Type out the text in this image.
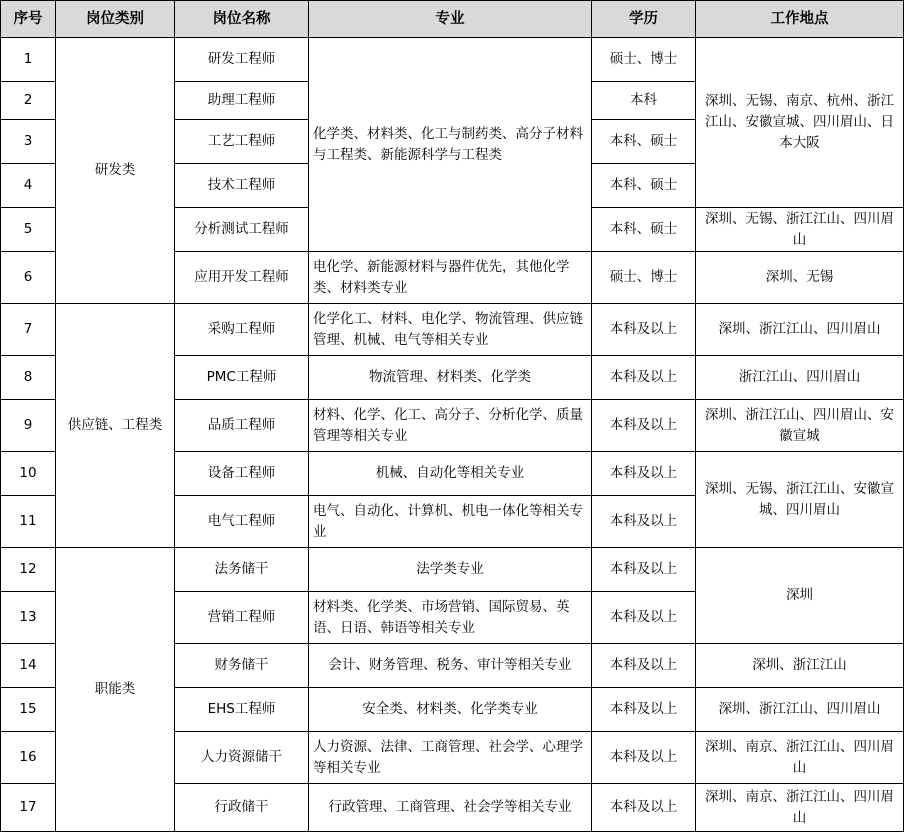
序号	岗位类别	岗位名称	专业	学历	工作地点
1	研发类	研发工程师	化学类、材料类、化工与制药类、高分子材料与工程类、新能源科学与工程类	硕士、博士	深圳、无锡、南京、杭州、浙江江山、安徽宣城、四川眉山、日本大阪
2		助理工程师		本科	
3		工艺工程师		本科、硕士	
4		技术工程师		本科、硕士	
5		分析测试工程师		本科、硕士	深圳、无锡、浙江江山、四川眉山
6		应用开发工程师	电化学、新能源材料与器件优先，其他化学类、材料类专业	硕士、博士	深圳、无锡
7	供应链、工程类	采购工程师	化学化工、材料、电化学、物流管理、供应链管理、机械、电气等相关专业	本科及以上	深圳、浙江江山、四川眉山
8		PMC工程师	物流管理、材料类、化学类	本科及以上	浙江江山、四川眉山
9		品质工程师	材料、化学、化工、高分子、分析化学、质量管理等相关专业	本科及以上	深圳、浙江江山、四川眉山、安徽宣城
10		设备工程师	机械、自动化等相关专业	本科及以上	深圳、无锡、浙江江山、安徽宣城、四川眉山
11		电气工程师	电气、自动化、计算机、机电一体化等相关专业	本科及以上	
12	职能类	法务储干	法学类专业	本科及以上	深圳
13		营销工程师	材料类、化学类、市场营销、国际贸易、英语、日语、韩语等相关专业	本科及以上	
14		财务储干	会计、财务管理、税务、审计等相关专业	本科及以上	深圳、浙江江山
15		EHS工程师	安全类、材料类、化学类专业	本科及以上	深圳、浙江江山、四川眉山
16		人力资源储干	人力资源、法律、工商管理、社会学、心理学等相关专业	本科及以上	深圳、南京、浙江江山、四川眉山
17		行政储干	行政管理、工商管理、社会学等相关专业	本科及以上	深圳、南京、浙江江山、四川眉山
